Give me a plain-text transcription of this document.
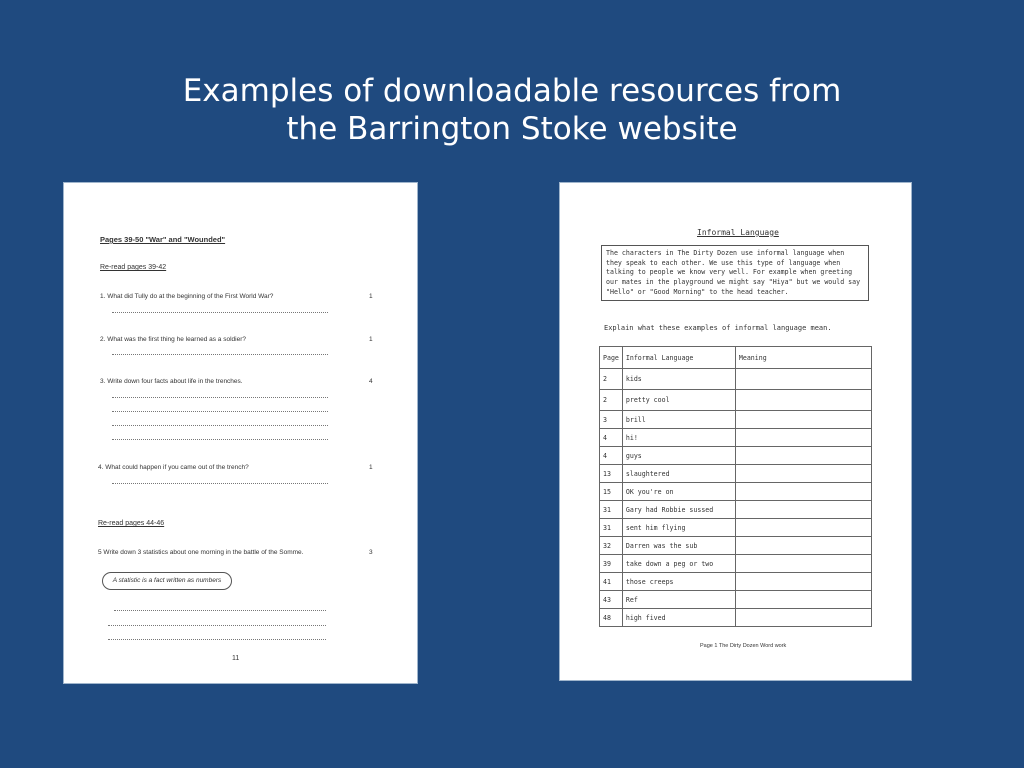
Examples of downloadable resources from
the Barrington Stoke website
Pages 39-50 "War" and "Wounded"
Re-read pages 39-42
1. What did Tully do at the beginning of the First World War?	1
2. What was the first thing he learned as a soldier?	1
3. Write down four facts about life in the trenches.	4
4. What could happen if you came out of the trench?	1
Re-read pages 44-46
5 Write down 3 statistics about one morning in the battle of the Somme.	3
A statistic is a fact written as numbers
11
Informal Language
The characters in The Dirty Dozen use informal language when they speak to each other. We use this type of language when talking to people we know very well. For example when greeting our mates in the playground we might say "Hiya" but we would say "Hello" or "Good Morning" to the head teacher.
Explain what these examples of informal language mean.
Page	Informal Language	Meaning
2	kids	
2	pretty cool	
3	brill	
4	hi!	
4	guys	
13	slaughtered	
15	OK you're on	
31	Gary had Robbie sussed	
31	sent him flying	
32	Darren was the sub	
39	take down a peg or two	
41	those creeps	
43	Ref	
48	high fived	
Page 1 The Dirty Dozen Word work
